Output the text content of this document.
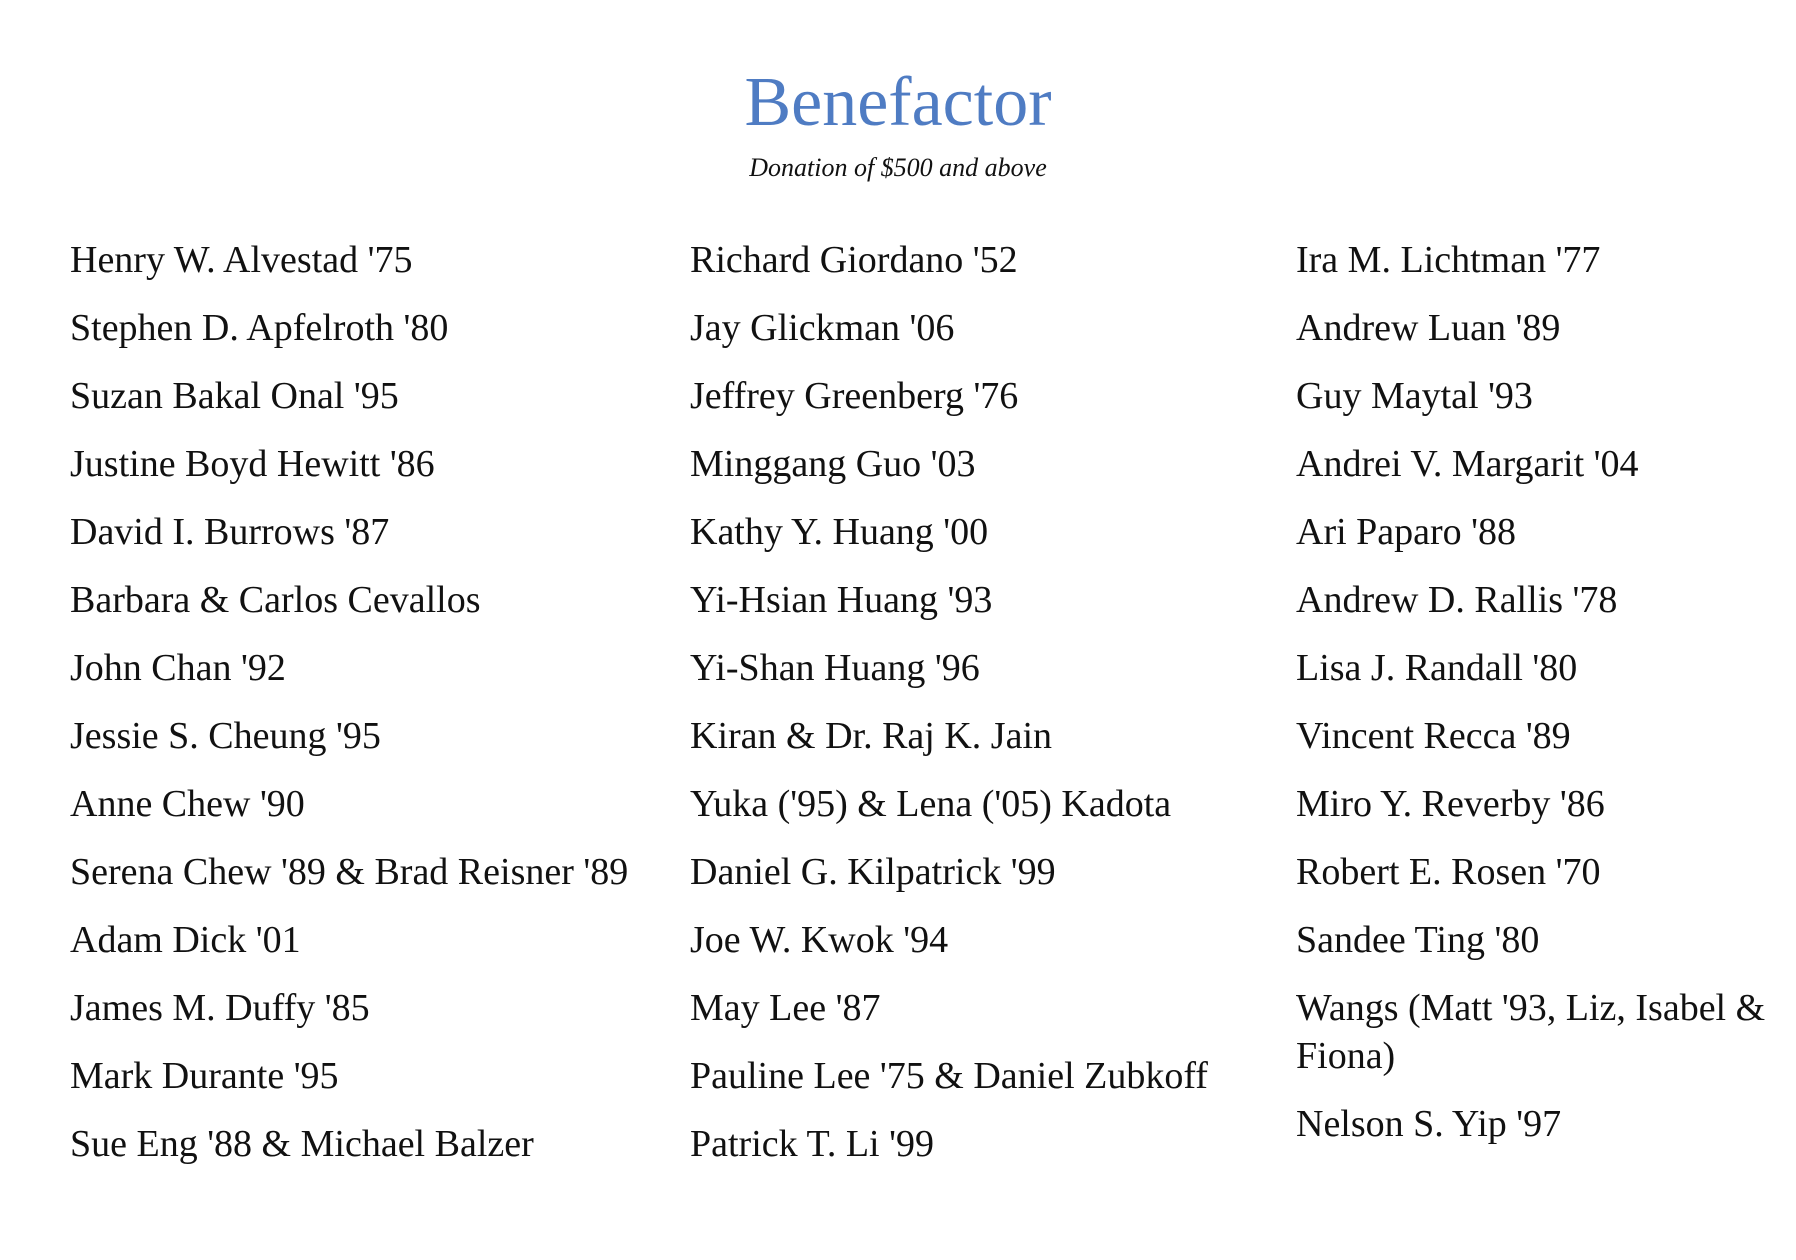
Benefactor
Donation of $500 and above
Henry W. Alvestad '75
Stephen D. Apfelroth '80
Suzan Bakal Onal '95
Justine Boyd Hewitt '86
David I. Burrows '87
Barbara & Carlos Cevallos
John Chan '92
Jessie S. Cheung '95
Anne Chew '90
Serena Chew '89 & Brad Reisner '89
Adam Dick '01
James M. Duffy '85
Mark Durante '95
Sue Eng '88 & Michael Balzer
Richard Giordano '52
Jay Glickman '06
Jeffrey Greenberg '76
Minggang Guo '03
Kathy Y. Huang '00
Yi-Hsian Huang '93
Yi-Shan Huang '96
Kiran & Dr. Raj K. Jain
Yuka ('95) & Lena ('05) Kadota
Daniel G. Kilpatrick '99
Joe W. Kwok '94
May Lee '87
Pauline Lee '75 & Daniel Zubkoff
Patrick T. Li '99
Ira M. Lichtman '77
Andrew Luan '89
Guy Maytal '93
Andrei V. Margarit '04
Ari Paparo '88
Andrew D. Rallis '78
Lisa J. Randall '80
Vincent Recca '89
Miro Y. Reverby '86
Robert E. Rosen '70
Sandee Ting '80
Wangs (Matt '93, Liz, Isabel & Fiona)
Nelson S. Yip '97
